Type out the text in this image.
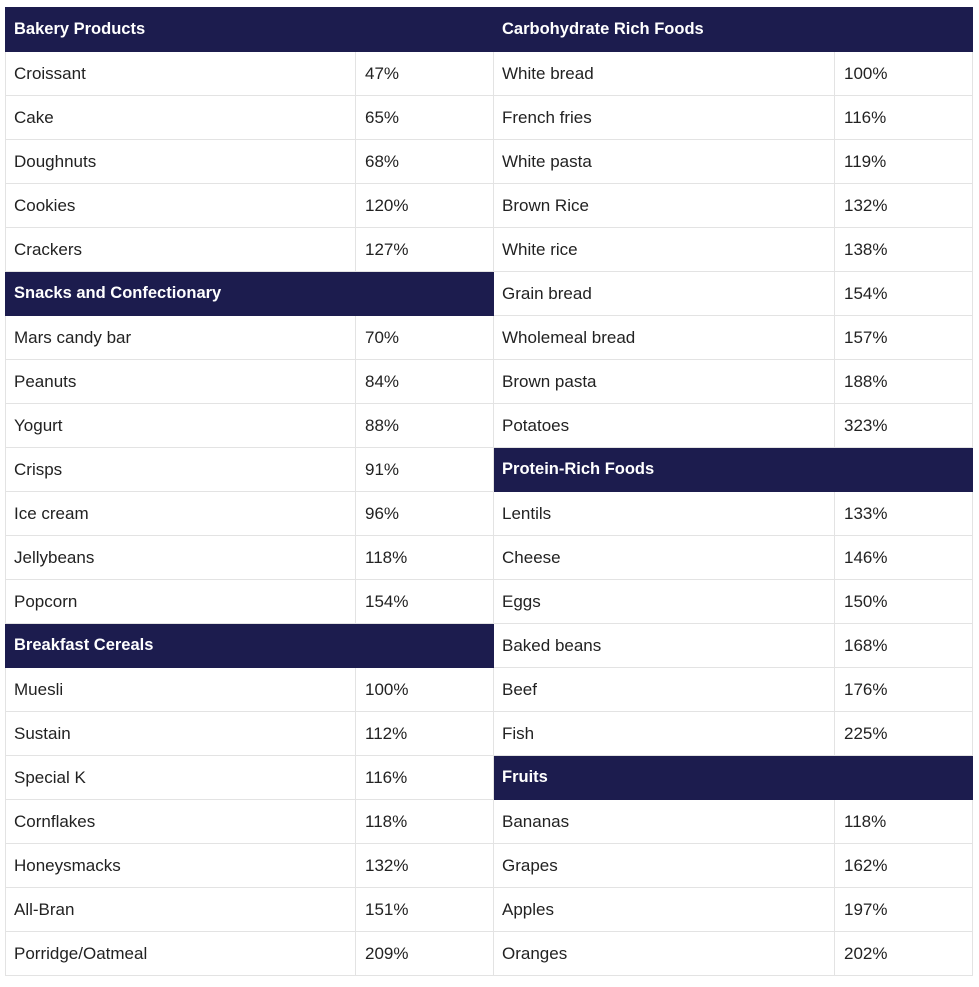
Bakery Products		Carbohydrate Rich Foods	
Croissant	47%	White bread	100%
Cake	65%	French fries	116%
Doughnuts	68%	White pasta	119%
Cookies	120%	Brown Rice	132%
Crackers	127%	White rice	138%
Snacks and Confectionary		Grain bread	154%
Mars candy bar	70%	Wholemeal bread	157%
Peanuts	84%	Brown pasta	188%
Yogurt	88%	Potatoes	323%
Crisps	91%	Protein-Rich Foods	
Ice cream	96%	Lentils	133%
Jellybeans	118%	Cheese	146%
Popcorn	154%	Eggs	150%
Breakfast Cereals		Baked beans	168%
Muesli	100%	Beef	176%
Sustain	112%	Fish	225%
Special K	116%	Fruits	
Cornflakes	118%	Bananas	118%
Honeysmacks	132%	Grapes	162%
All-Bran	151%	Apples	197%
Porridge/Oatmeal	209%	Oranges	202%
